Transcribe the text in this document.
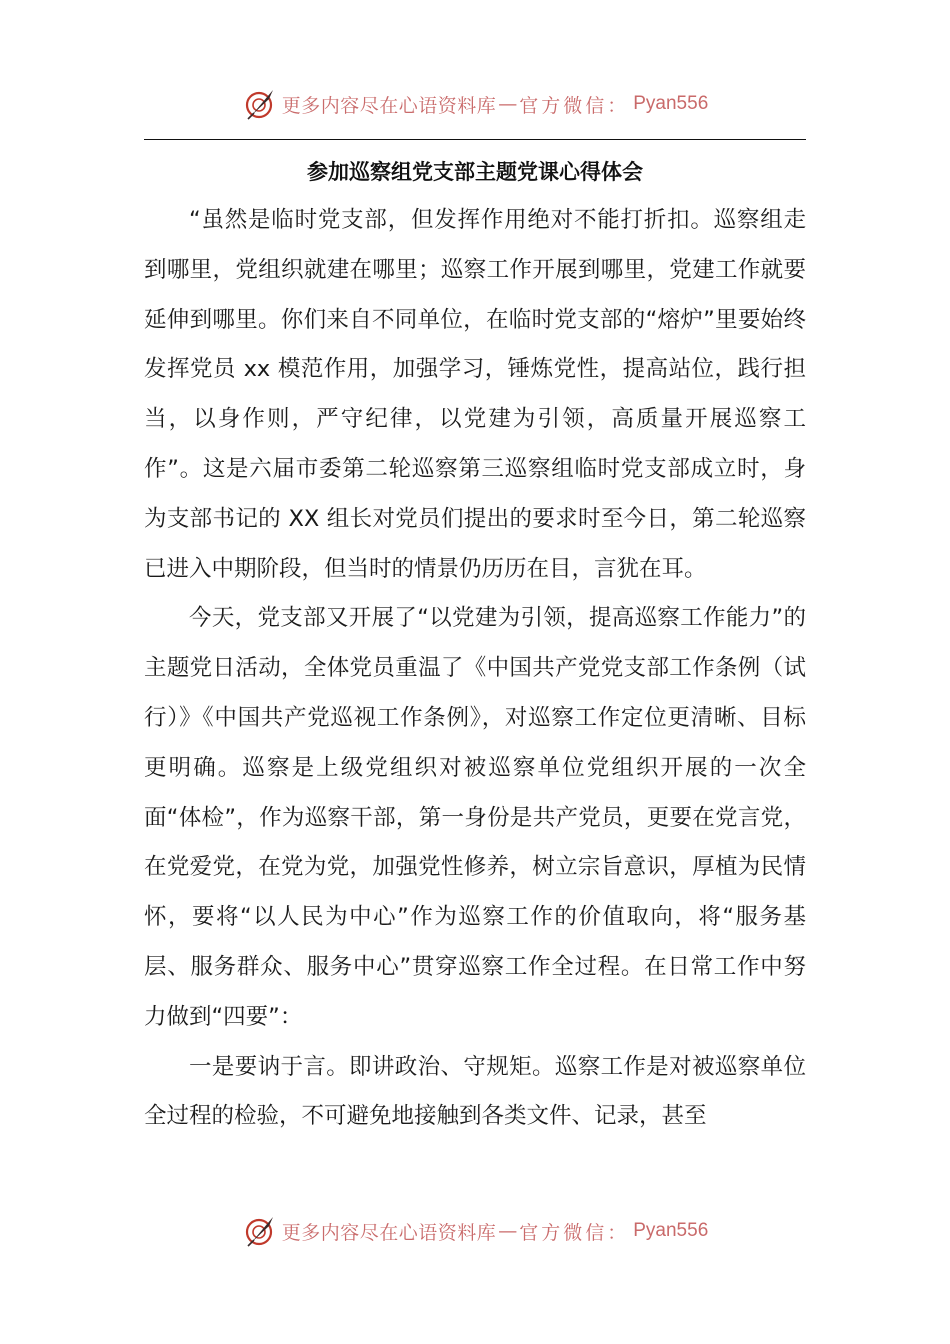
更多内容尽在心语资料库 — 官方微信： Pyan556
参加巡察组党支部主题党课心得体会

“虽然是临时党支部，但发挥作用绝对不能打折扣。巡察组走到哪里，党组织就建在哪里；巡察工作开展到哪里，党建工作就要延伸到哪里。你们来自不同单位，在临时党支部的“熔炉”里要始终发挥党员 xx 模范作用，加强学习，锤炼党性，提高站位，践行担当，以身作则，严守纪律，以党建为引领，高质量开展巡察工作”。这是六届市委第二轮巡察第三巡察组临时党支部成立时，身为支部书记的 XX 组长对党员们提出的要求时至今日，第二轮巡察已进入中期阶段，但当时的情景仍历历在目，言犹在耳。

今天，党支部又开展了“以党建为引领，提高巡察工作能力”的主题党日活动，全体党员重温了《中国共产党党支部工作条例（试行）》《中国共产党巡视工作条例》，对巡察工作定位更清晰、目标更明确。巡察是上级党组织对被巡察单位党组织开展的一次全面“体检”，作为巡察干部，第一身份是共产党员，更要在党言党，在党爱党，在党为党，加强党性修养，树立宗旨意识，厚植为民情怀，要将“以人民为中心”作为巡察工作的价值取向，将“服务基层、服务群众、服务中心”贯穿巡察工作全过程。在日常工作中努力做到“四要”：

一是要讷于言。即讲政治、守规矩。巡察工作是对被巡察单位全过程的检验，不可避免地接触到各类文件、记录，甚至

更多内容尽在心语资料库 — 官方微信： Pyan556
